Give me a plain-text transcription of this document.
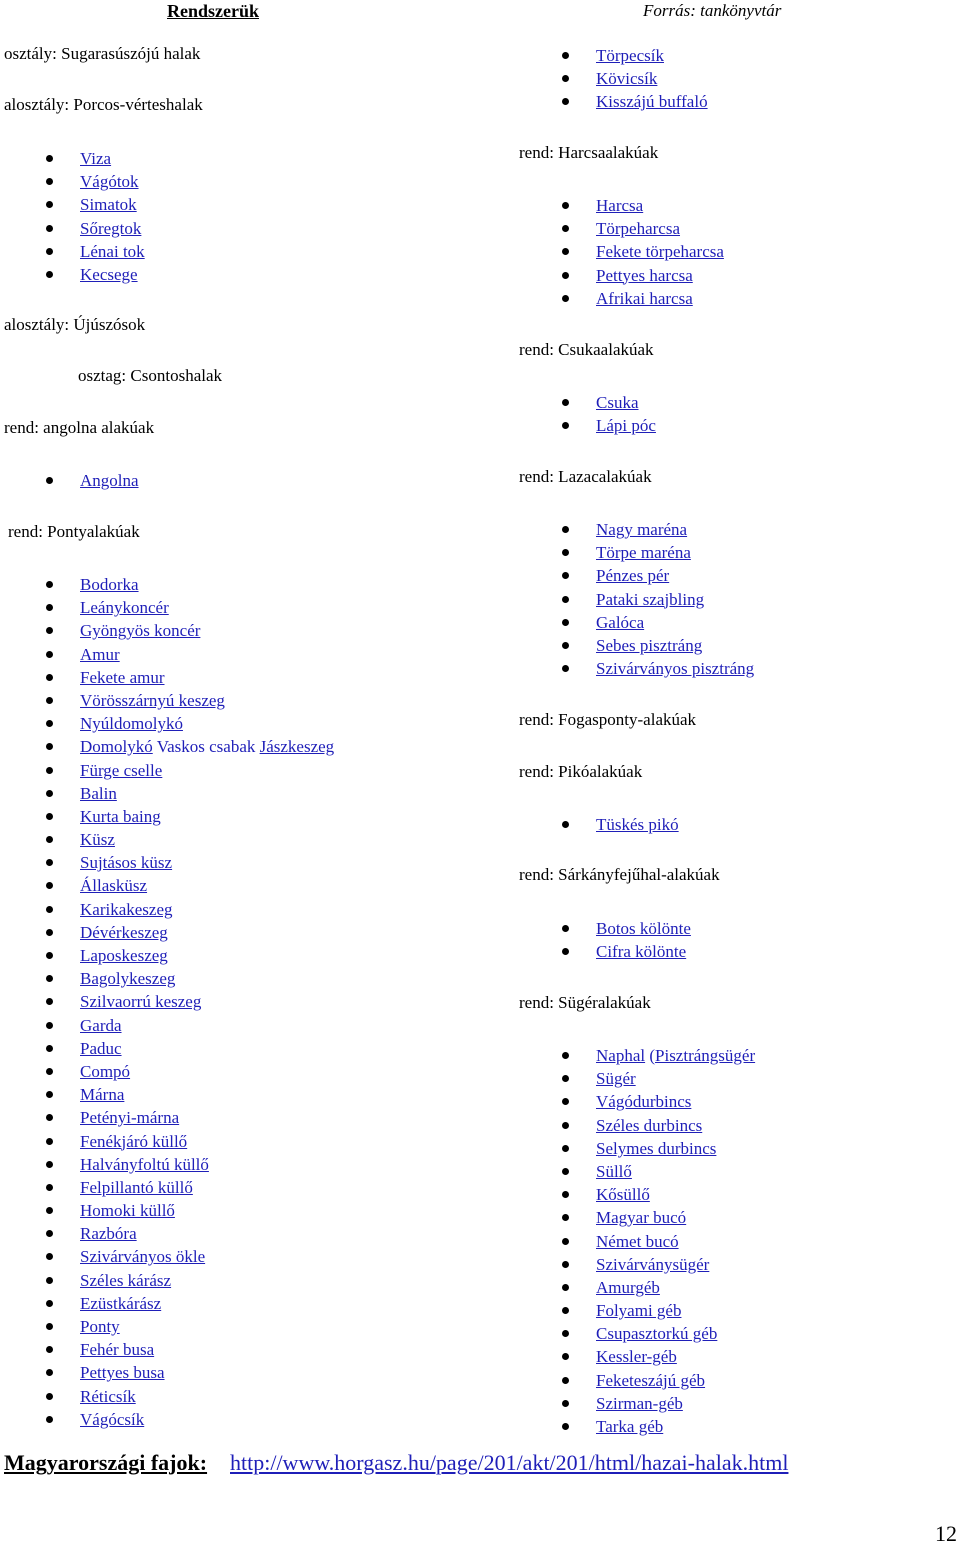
Rendszerük
osztály: Sugarasúszójú halak
alosztály: Porcos-vérteshalak
Viza
Vágótok
Simatok
Sőregtok
Lénai tok
Kecsege
alosztály: Újúszósok
osztag: Csontoshalak
rend: angolna alakúak
Angolna
rend: Pontyalakúak
Bodorka
Leánykoncér
Gyöngyös koncér
Amur
Fekete amur
Vörösszárnyú keszeg
Nyúldomolykó
Domolykó Vaskos csabak Jászkeszeg
Fürge cselle
Balin
Kurta baing
Küsz
Sujtásos küsz
Állasküsz
Karikakeszeg
Dévérkeszeg
Laposkeszeg
Bagolykeszeg
Szilvaorrú keszeg
Garda
Paduc
Compó
Márna
Petényi-márna
Fenékjáró küllő
Halványfoltú küllő
Felpillantó küllő
Homoki küllő
Razbóra
Szivárványos ökle
Széles kárász
Ezüstkárász
Ponty
Fehér busa
Pettyes busa
Réticsík
Vágócsík
Forrás: tankönyvtár
Törpecsík
Kövicsík
Kisszájú buffaló
rend: Harcsaalakúak
Harcsa
Törpeharcsa
Fekete törpeharcsa
Pettyes harcsa
Afrikai harcsa
rend: Csukaalakúak
Csuka
Lápi póc
rend: Lazacalakúak
Nagy maréna
Törpe maréna
Pénzes pér
Pataki szajbling
Galóca
Sebes pisztráng
Szivárványos pisztráng
rend: Fogasponty-alakúak
rend: Pikóalakúak
Tüskés pikó
rend: Sárkányfejűhal-alakúak
Botos kölönte
Cifra kölönte
rend: Sügéralakúak
Naphal (Pisztrángsügér
Sügér
Vágódurbincs
Széles durbincs
Selymes durbincs
Süllő
Kősüllő
Magyar bucó
Német bucó
Szivárványsügér
Amurgéb
Folyami géb
Csupasztorkú géb
Kessler-géb
Feketeszájú géb
Szirman-géb
Tarka géb
Magyarországi fajok: http://www.horgasz.hu/page/201/akt/201/html/hazai-halak.html
12
